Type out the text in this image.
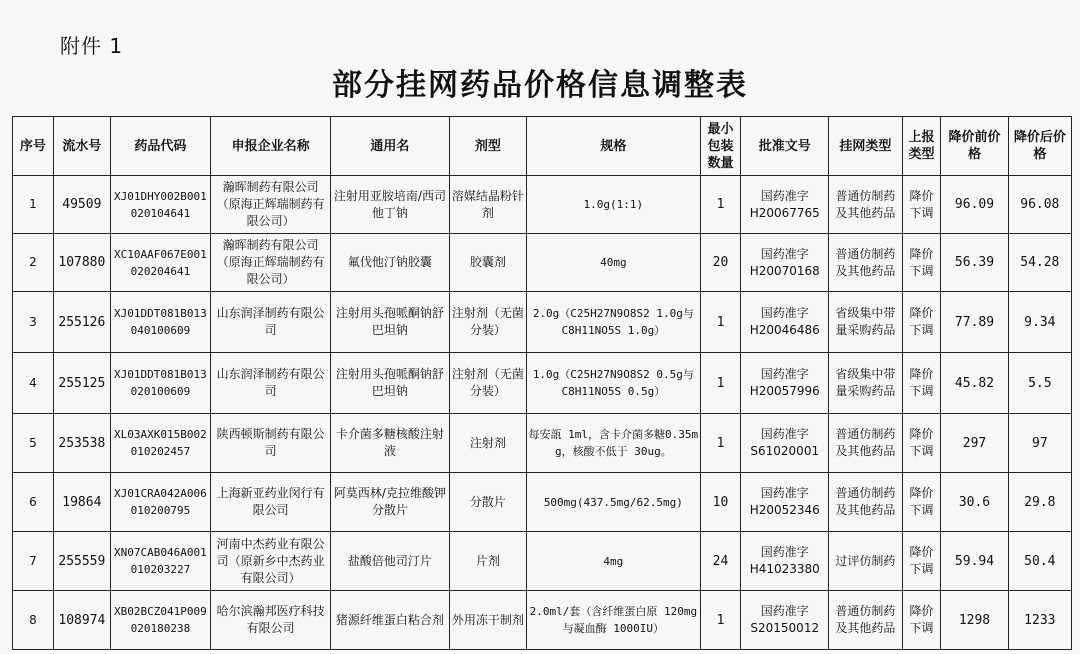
附件 1
部分挂网药品价格信息调整表
序号	流水号	药品代码	申报企业名称	通用名	剂型	规格	最小包装数量	批准文号	挂网类型	上报类型	降价前价格	降价后价格
1	49509	XJ01DHY002B001020104641	瀚晖制药有限公司（原海正辉瑞制药有限公司）	注射用亚胺培南/西司他丁钠	溶媒结晶粉针剂	1.0g(1:1)	1	国药准字H20067765	普通仿制药及其他药品	降价下调	96.09	96.08
2	107880	XC10AAF067E001020204641	瀚晖制药有限公司（原海正辉瑞制药有限公司）	氟伐他汀钠胶囊	胶囊剂	40mg	20	国药准字H20070168	普通仿制药及其他药品	降价下调	56.39	54.28
3	255126	XJ01DDT081B013040100609	山东润泽制药有限公司	注射用头孢哌酮钠舒巴坦钠	注射剂（无菌分装）	2.0g（C25H27N9O8S2 1.0g与 C8H11NO5S 1.0g）	1	国药准字H20046486	省级集中带量采购药品	降价下调	77.89	9.34
4	255125	XJ01DDT081B013020100609	山东润泽制药有限公司	注射用头孢哌酮钠舒巴坦钠	注射剂（无菌分装）	1.0g（C25H27N9O8S2 0.5g与 C8H11NO5S 0.5g）	1	国药准字H20057996	省级集中带量采购药品	降价下调	45.82	5.5
5	253538	XL03AXK015B002010202457	陕西顿斯制药有限公司	卡介菌多糖核酸注射液	注射剂	每安瓿 1ml，含卡介菌多糖0.35mg，核酸不低于 30ug。	1	国药准字S61020001	普通仿制药及其他药品	降价下调	297	97
6	19864	XJ01CRA042A006010200795	上海新亚药业闵行有限公司	阿莫西林/克拉维酸钾分散片	分散片	500mg(437.5mg/62.5mg)	10	国药准字H20052346	普通仿制药及其他药品	降价下调	30.6	29.8
7	255559	XN07CAB046A001010203227	河南中杰药业有限公司（原新乡中杰药业有限公司）	盐酸倍他司汀片	片剂	4mg	24	国药准字H41023380	过评仿制药	降价下调	59.94	50.4
8	108974	XB02BCZ041P009020180238	哈尔滨瀚邦医疗科技有限公司	猪源纤维蛋白粘合剂	外用冻干制剂	2.0ml/套（含纤维蛋白原 120mg 与凝血酶 1000IU）	1	国药准字S20150012	普通仿制药及其他药品	降价下调	1298	1233
